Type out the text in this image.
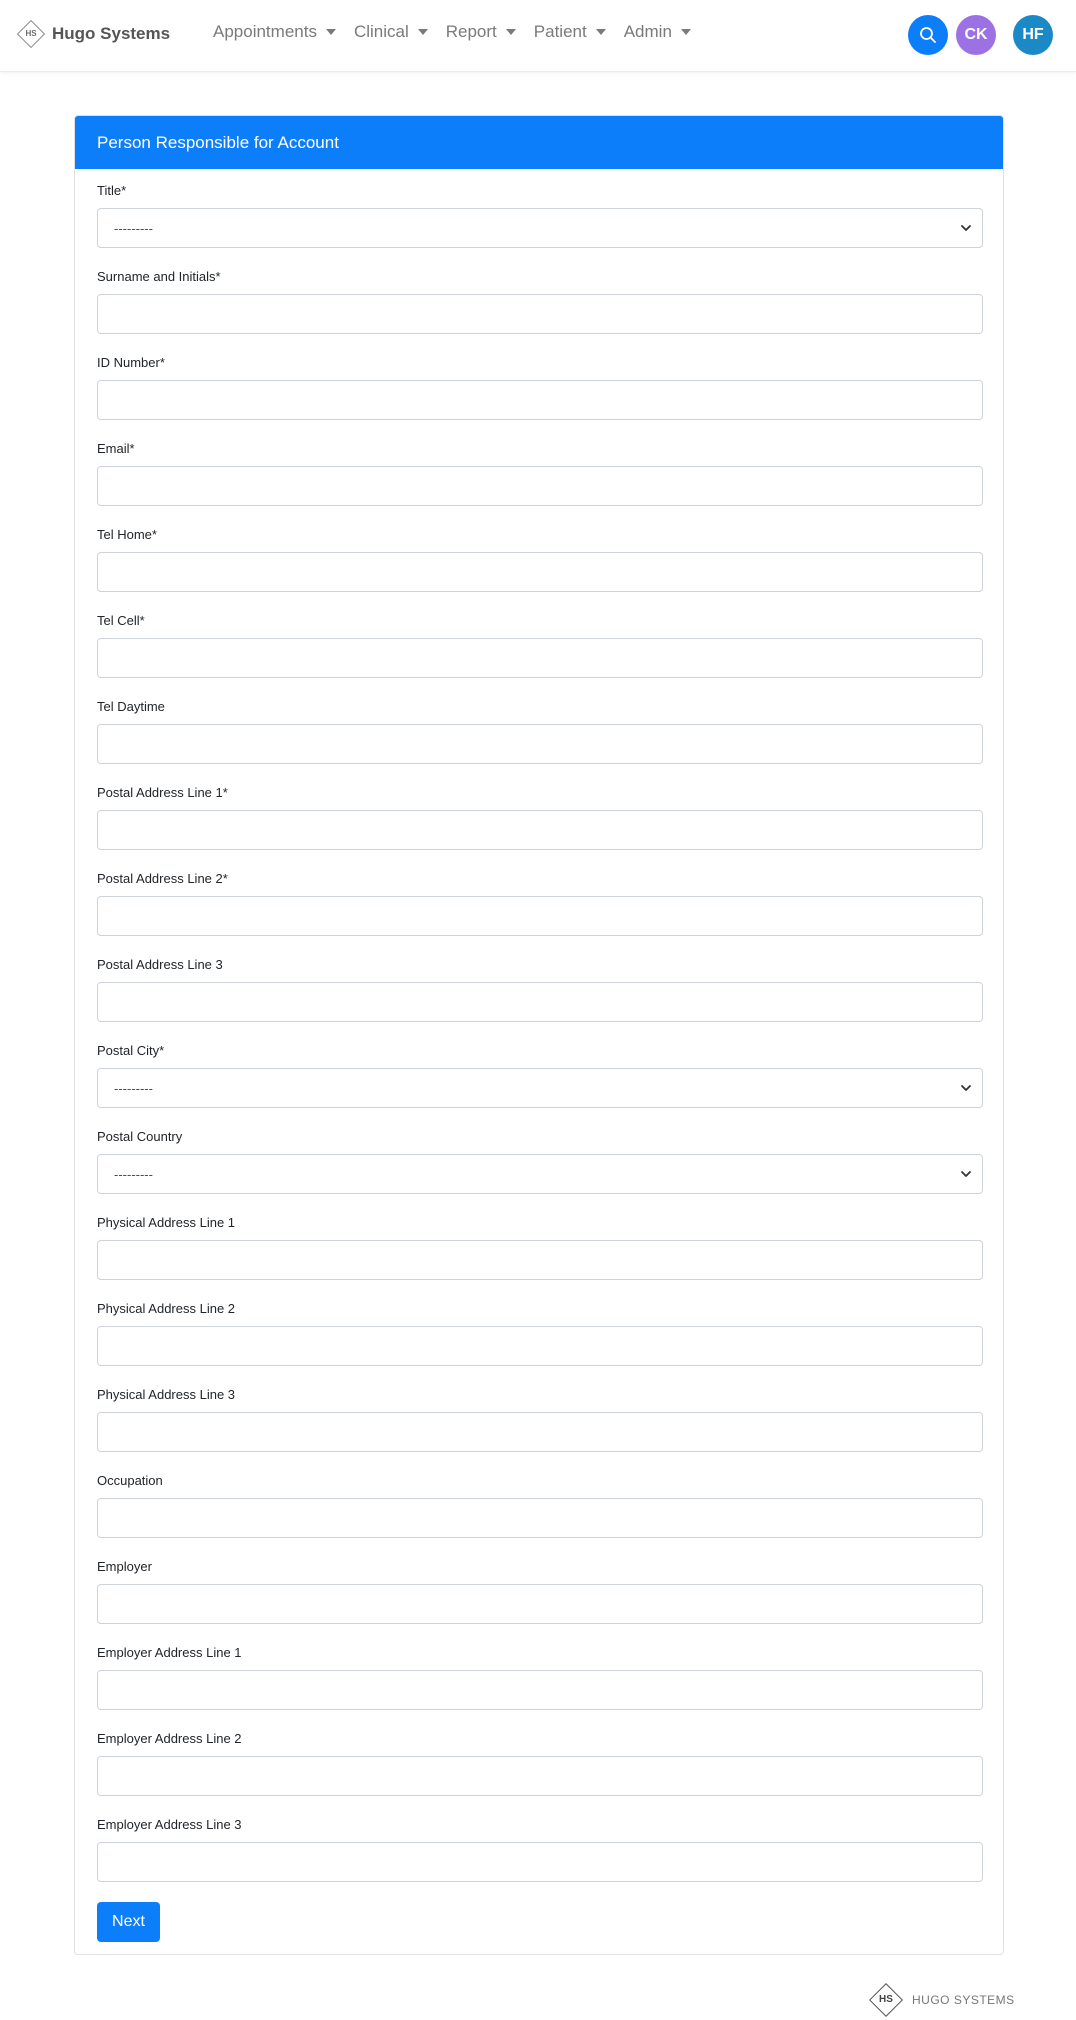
HS Hugo Systems	Appointments Clinical Report Patient Admin	CK	HF
Person Responsible for Account
Title*
---------
Surname and Initials*
ID Number*
Email*
Tel Home*
Tel Cell*
Tel Daytime
Postal Address Line 1*
Postal Address Line 2*
Postal Address Line 3
Postal City*
---------
Postal Country
---------
Physical Address Line 1
Physical Address Line 2
Physical Address Line 3
Occupation
Employer
Employer Address Line 1
Employer Address Line 2
Employer Address Line 3
Next
HS	HUGO SYSTEMS
